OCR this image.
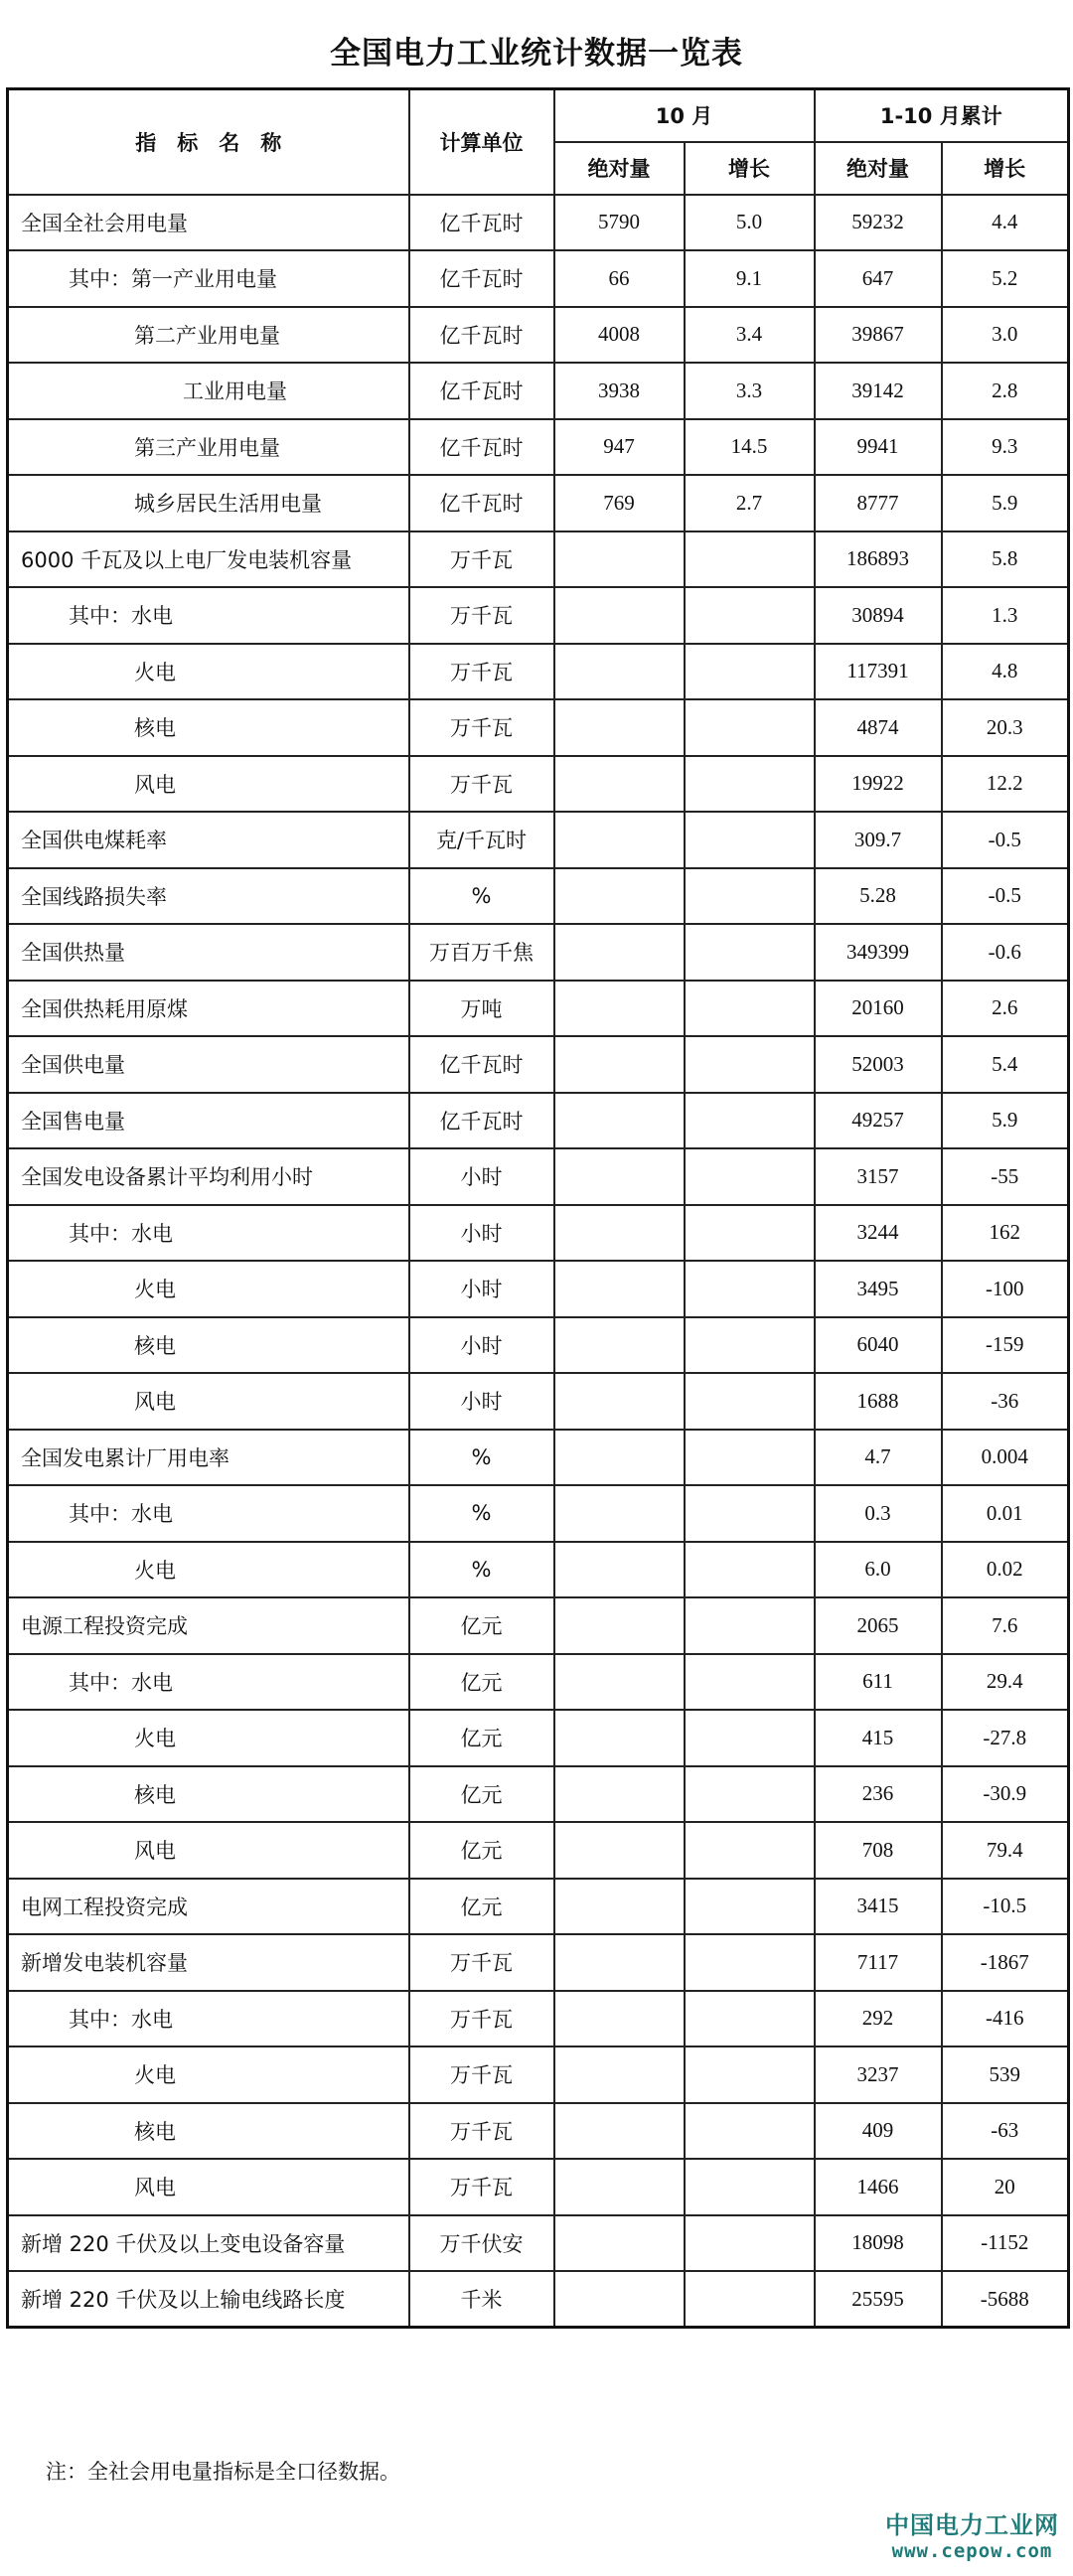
全国电力工业统计数据一览表
指　标　名　称	计算单位	10 月		1-10 月累计	
		绝对量	增长	绝对量	增长
全国全社会用电量	亿千瓦时	5790	5.0	59232	4.4
其中：第一产业用电量	亿千瓦时	66	9.1	647	5.2
第二产业用电量	亿千瓦时	4008	3.4	39867	3.0
工业用电量	亿千瓦时	3938	3.3	39142	2.8
第三产业用电量	亿千瓦时	947	14.5	9941	9.3
城乡居民生活用电量	亿千瓦时	769	2.7	8777	5.9
6000 千瓦及以上电厂发电装机容量	万千瓦			186893	5.8
其中：水电	万千瓦			30894	1.3
火电	万千瓦			117391	4.8
核电	万千瓦			4874	20.3
风电	万千瓦			19922	12.2
全国供电煤耗率	克/千瓦时			309.7	-0.5
全国线路损失率	%			5.28	-0.5
全国供热量	万百万千焦			349399	-0.6
全国供热耗用原煤	万吨			20160	2.6
全国供电量	亿千瓦时			52003	5.4
全国售电量	亿千瓦时			49257	5.9
全国发电设备累计平均利用小时	小时			3157	-55
其中：水电	小时			3244	162
火电	小时			3495	-100
核电	小时			6040	-159
风电	小时			1688	-36
全国发电累计厂用电率	%			4.7	0.004
其中：水电	%			0.3	0.01
火电	%			6.0	0.02
电源工程投资完成	亿元			2065	7.6
其中：水电	亿元			611	29.4
火电	亿元			415	-27.8
核电	亿元			236	-30.9
风电	亿元			708	79.4
电网工程投资完成	亿元			3415	-10.5
新增发电装机容量	万千瓦			7117	-1867
其中：水电	万千瓦			292	-416
火电	万千瓦			3237	539
核电	万千瓦			409	-63
风电	万千瓦			1466	20
新增 220 千伏及以上变电设备容量	万千伏安			18098	-1152
新增 220 千伏及以上输电线路长度	千米			25595	-5688
注：全社会用电量指标是全口径数据。
中国电力工业网
www.cepow.com
